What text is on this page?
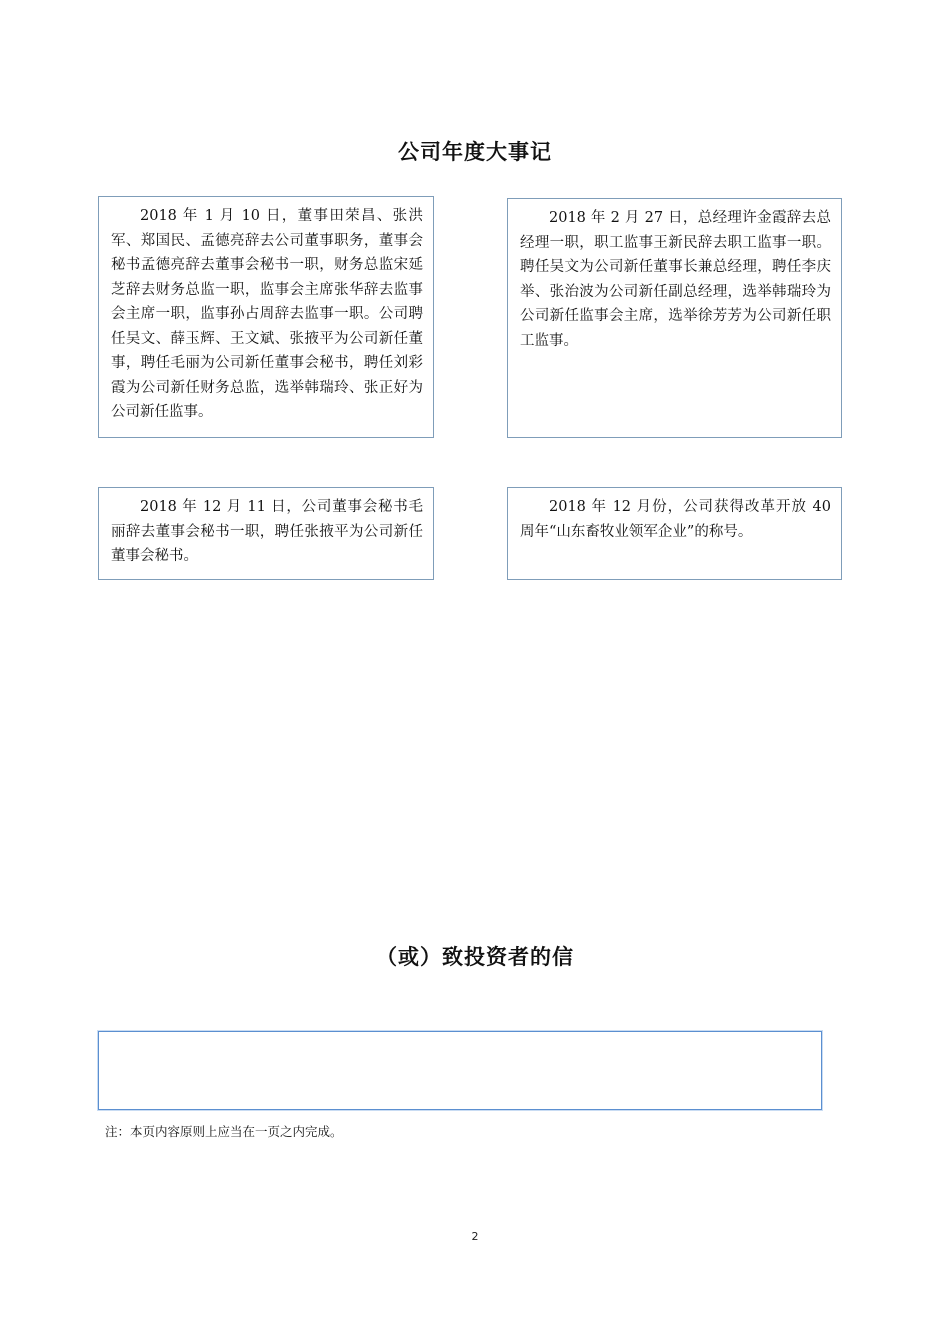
公司年度大事记
2018 年 1 月 10 日，董事田荣昌、张洪军、郑国民、孟德亮辞去公司董事职务，董事会秘书孟德亮辞去董事会秘书一职，财务总监宋延芝辞去财务总监一职，监事会主席张华辞去监事会主席一职，监事孙占周辞去监事一职。公司聘任吴文、薛玉辉、王文斌、张掖平为公司新任董事，聘任毛丽为公司新任董事会秘书，聘任刘彩霞为公司新任财务总监，选举韩瑞玲、张正好为公司新任监事。
2018 年 2 月 27 日，总经理许金霞辞去总经理一职，职工监事王新民辞去职工监事一职。聘任吴文为公司新任董事长兼总经理，聘任李庆举、张治波为公司新任副总经理，选举韩瑞玲为公司新任监事会主席，选举徐芳芳为公司新任职工监事。
2018 年 12 月 11 日，公司董事会秘书毛丽辞去董事会秘书一职，聘任张掖平为公司新任董事会秘书。
2018 年 12 月份，公司获得改革开放 40 周年“山东畜牧业领军企业”的称号。
（或）致投资者的信
注：本页内容原则上应当在一页之内完成。
2
